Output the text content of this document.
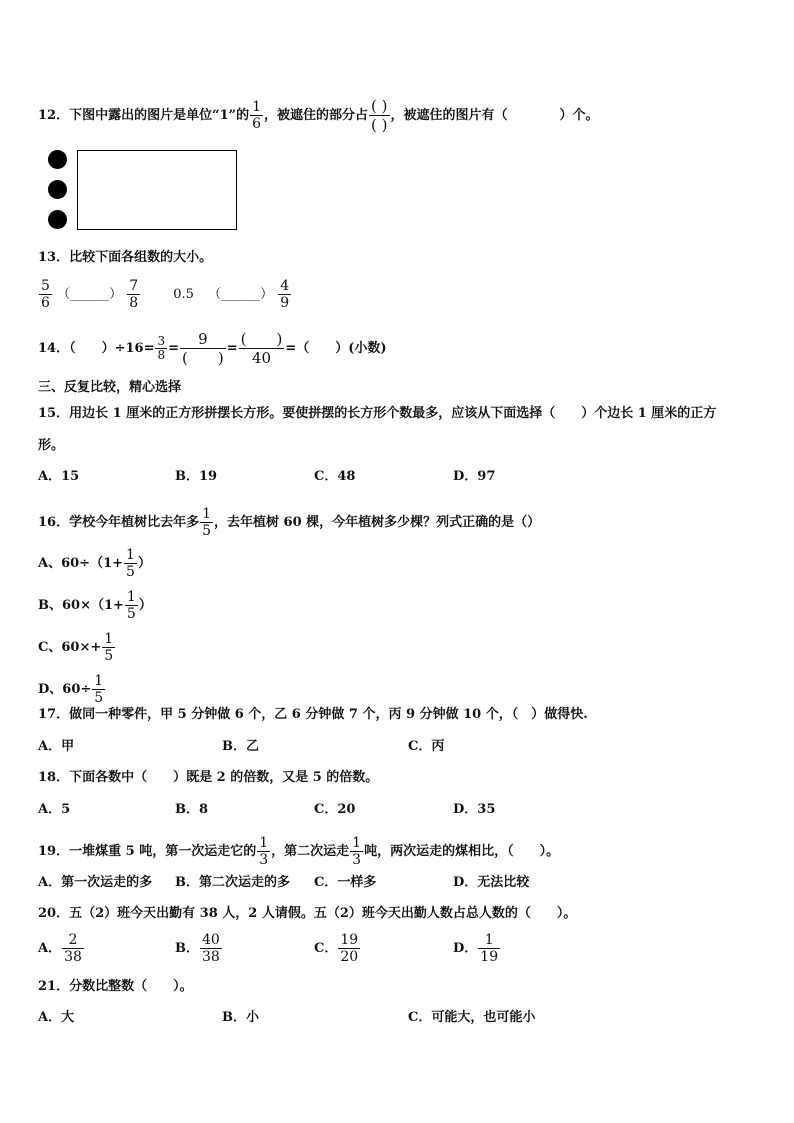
12．下图中露出的图片是单位“1”的 $\frac{1}{6}$ ，被遮住的部分占 $\frac{( )}{( )}$ ，被遮住的图片有（　　　　）个。
13．比较下面各组数的大小。
$\frac{5}{6}$ （______） $\frac{7}{8}$	0.5 （______） $\frac{4}{9}$
14．（　　）$\div 16= \frac{3}{8} = \frac{9}{( )} = \frac{( )}{40}$ =（　　）(小数)
三、反复比较，精心选择
15．用边长 1 厘米的正方形拼摆长方形。要使拼摆的长方形个数最多，应该从下面选择（　　）个边长 1 厘米的正方
形。
A．15	B．19	C．48	D．97
16．学校今年植树比去年多 $\frac{1}{5}$ ，去年植树 60 棵，今年植树多少棵？列式正确的是（）
A、$60\div(1+ \frac{1}{5}$ ）
B、$60\times(1+ \frac{1}{5}$ ）
C、$60\times+ \frac{1}{5}$
D、$60\div \frac{1}{5}$
17．做同一种零件，甲 5 分钟做 6 个，乙 6 分钟做 7 个，丙 9 分钟做 10 个，（　）做得快.
A．甲	B．乙	C．丙
18．下面各数中（　　）既是 2 的倍数，又是 5 的倍数。
A．5	B．8	C．20	D．35
19．一堆煤重 5 吨，第一次运走它的 $\frac{1}{3}$ ，第二次运走 $\frac{1}{3}$ 吨，两次运走的煤相比，（　　）。
A．第一次运走的多 B．第二次运走的多 C．一样多	D．无法比较
20．五（2）班今天出勤有 38 人，2 人请假。五（2）班今天出勤人数占总人数的（　　）。
A． $\frac{2}{38}$	B． $\frac{40}{38}$	C． $\frac{19}{20}$	D． $\frac{1}{19}$
21．分数比整数（　　）。
A．大	B．小	C．可能大，也可能小
